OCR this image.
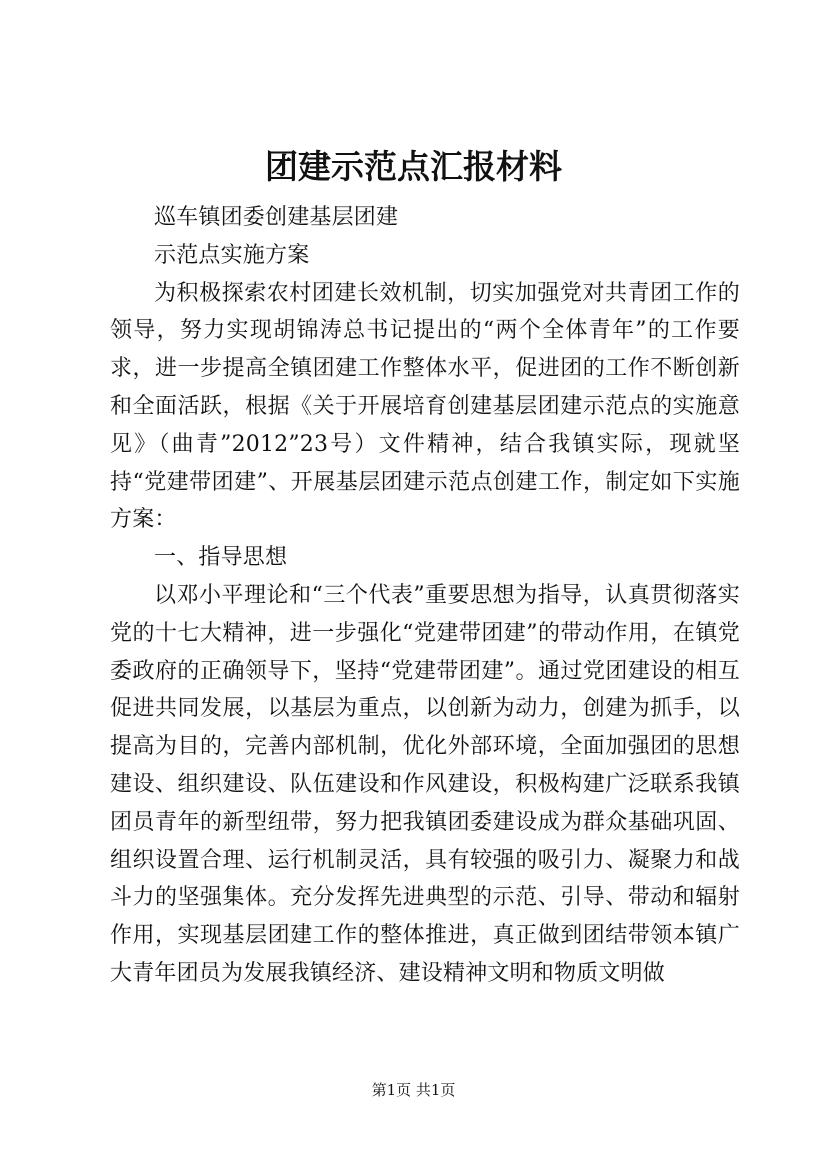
团建示范点汇报材料

巡车镇团委创建基层团建

示范点实施方案

为积极探索农村团建长效机制，切实加强党对共青团工作的领导，努力实现胡锦涛总书记提出的“两个全体青年”的工作要求，进一步提高全镇团建工作整体水平，促进团的工作不断创新和全面活跃，根据《关于开展培育创建基层团建示范点的实施意见》（曲青”2012”23号）文件精神，结合我镇实际，现就坚持“党建带团建”、开展基层团建示范点创建工作，制定如下实施方案：

一、指导思想

以邓小平理论和“三个代表”重要思想为指导，认真贯彻落实党的十七大精神，进一步强化“党建带团建”的带动作用，在镇党委政府的正确领导下，坚持“党建带团建”。通过党团建设的相互促进共同发展，以基层为重点，以创新为动力，创建为抓手，以提高为目的，完善内部机制，优化外部环境，全面加强团的思想建设、组织建设、队伍建设和作风建设，积极构建广泛联系我镇团员青年的新型纽带，努力把我镇团委建设成为群众基础巩固、组织设置合理、运行机制灵活，具有较强的吸引力、凝聚力和战斗力的坚强集体。充分发挥先进典型的示范、引导、带动和辐射作用，实现基层团建工作的整体推进，真正做到团结带领本镇广大青年团员为发展我镇经济、建设精神文明和物质文明做

第1页 共1页
